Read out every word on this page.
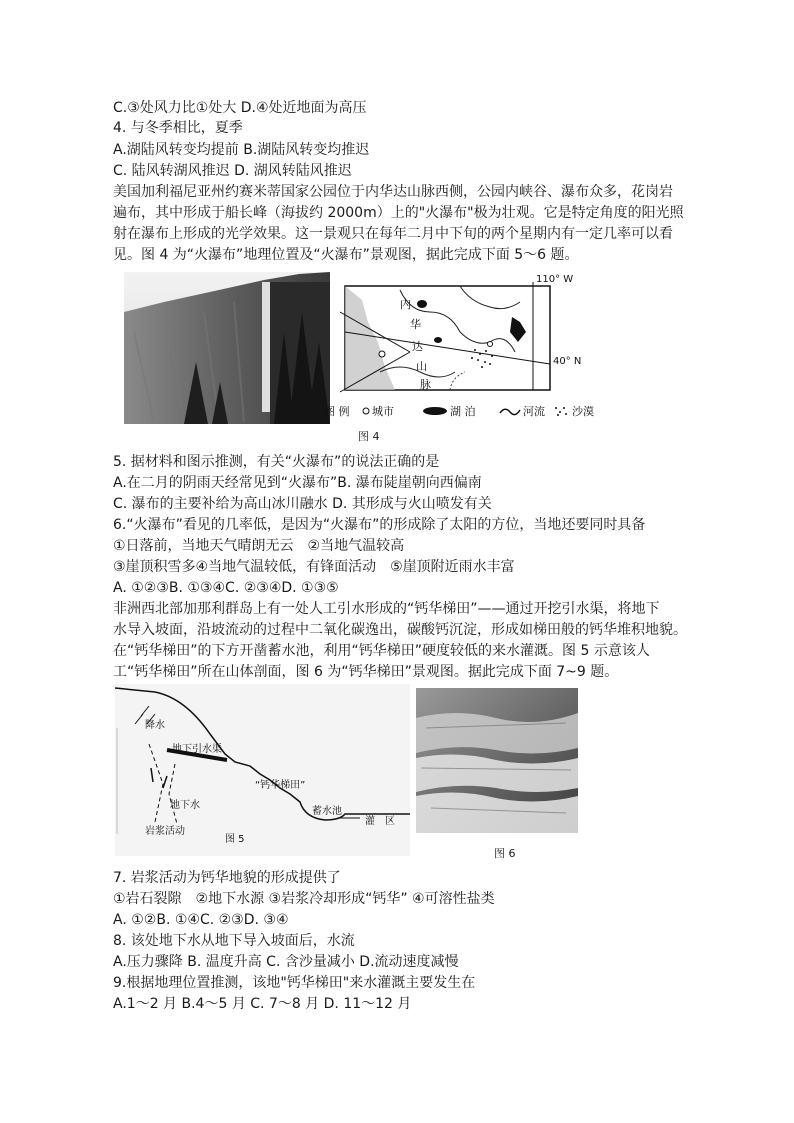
C.③处风力比①处大 D.④处近地面为高压
4. 与冬季相比，夏季
A.湖陆风转变均提前 B.湖陆风转变均推迟
C. 陆风转湖风推迟 D. 湖风转陆风推迟
美国加利福尼亚州约赛米蒂国家公园位于内华达山脉西侧，公园内峡谷、瀑布众多，花岗岩
遍布，其中形成于船长峰（海拔约 2000m）上的"火瀑布"极为壮观。它是特定角度的阳光照
射在瀑布上形成的光学效果。这一景观只在每年二月中下旬的两个星期内有一定几率可以看
见。图 4 为“火瀑布”地理位置及“火瀑布”景观图，据此完成下面 5～6 题。
110° W
40° N
内
华
达
山
脉
图 例 城市	湖 泊	河流 沙漠
图 4
5. 据材料和图示推测，有关“火瀑布”的说法正确的是
A.在二月的阴雨天经常见到“火瀑布”B. 瀑布陡崖朝向西偏南
C. 瀑布的主要补给为高山冰川融水 D. 其形成与火山喷发有关
6.“火瀑布”看见的几率低，是因为“火瀑布”的形成除了太阳的方位，当地还要同时具备
①日落前，当地天气晴朗无云　②当地气温较高
③崖顶积雪多④当地气温较低，有锋面活动　⑤崖顶附近雨水丰富
A. ①②③B. ①③④C. ②③④D. ①③⑤
非洲西北部加那利群岛上有一处人工引水形成的“钙华梯田”——通过开挖引水渠，将地下
水导入坡面，沿坡流动的过程中二氧化碳逸出，碳酸钙沉淀，形成如梯田般的钙华堆积地貌。
在“钙华梯田”的下方开凿蓄水池，利用“钙华梯田”硬度较低的来水灌溉。图 5 示意该人
工“钙华梯田”所在山体剖面，图 6 为“钙华梯田”景观图。据此完成下面 7~9 题。
降水
地下引水渠
“钙华梯田”
地下水
岩浆活动
蓄水池
灌　区
图 5
图 6
7. 岩浆活动为钙华地貌的形成提供了
①岩石裂隙　②地下水源 ③岩浆冷却形成“钙华” ④可溶性盐类
A. ①②B. ①④C. ②③D. ③④
8. 该处地下水从地下导入坡面后，水流
A.压力骤降 B. 温度升高 C. 含沙量减小 D.流动速度减慢
9.根据地理位置推测，该地"钙华梯田"来水灌溉主要发生在
A.1～2 月 B.4～5 月 C. 7～8 月 D. 11～12 月
